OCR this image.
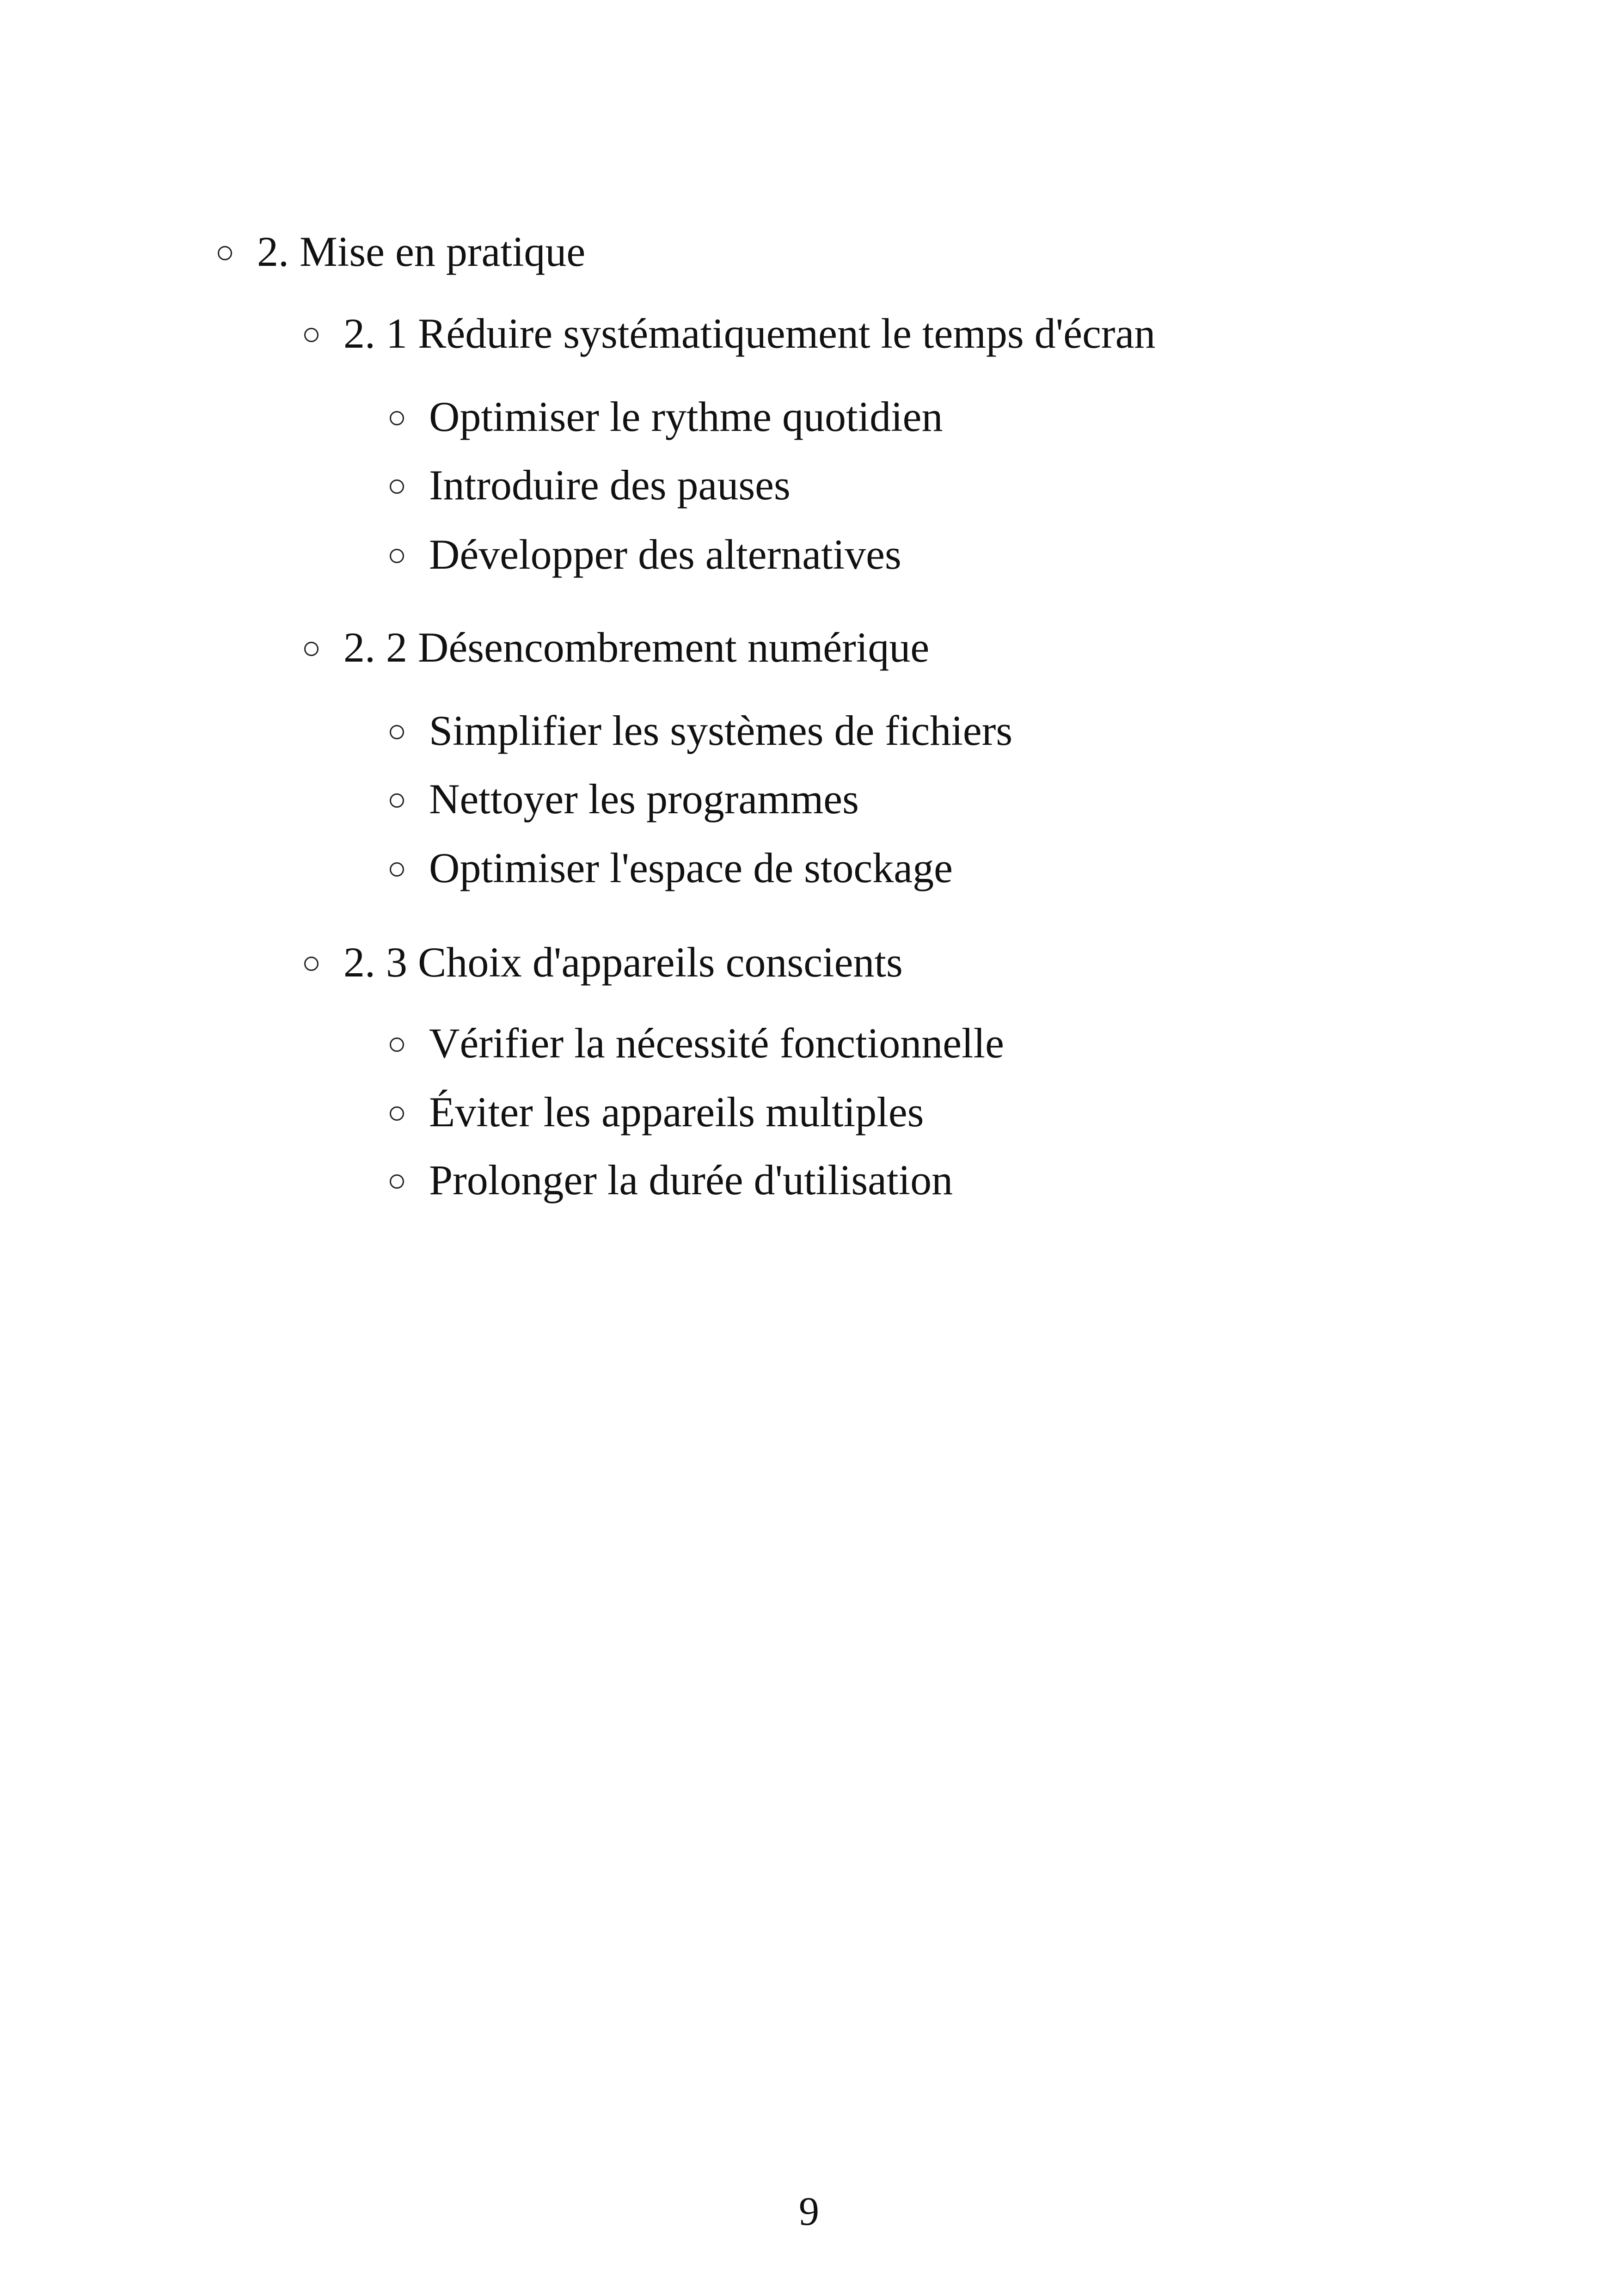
2. Mise en pratique
2. 1 Réduire systématiquement le temps d'écran
Optimiser le rythme quotidien
Introduire des pauses
Développer des alternatives
2. 2 Désencombrement numérique
Simplifier les systèmes de fichiers
Nettoyer les programmes
Optimiser l'espace de stockage
2. 3 Choix d'appareils conscients
Vérifier la nécessité fonctionnelle
Éviter les appareils multiples
Prolonger la durée d'utilisation
9
